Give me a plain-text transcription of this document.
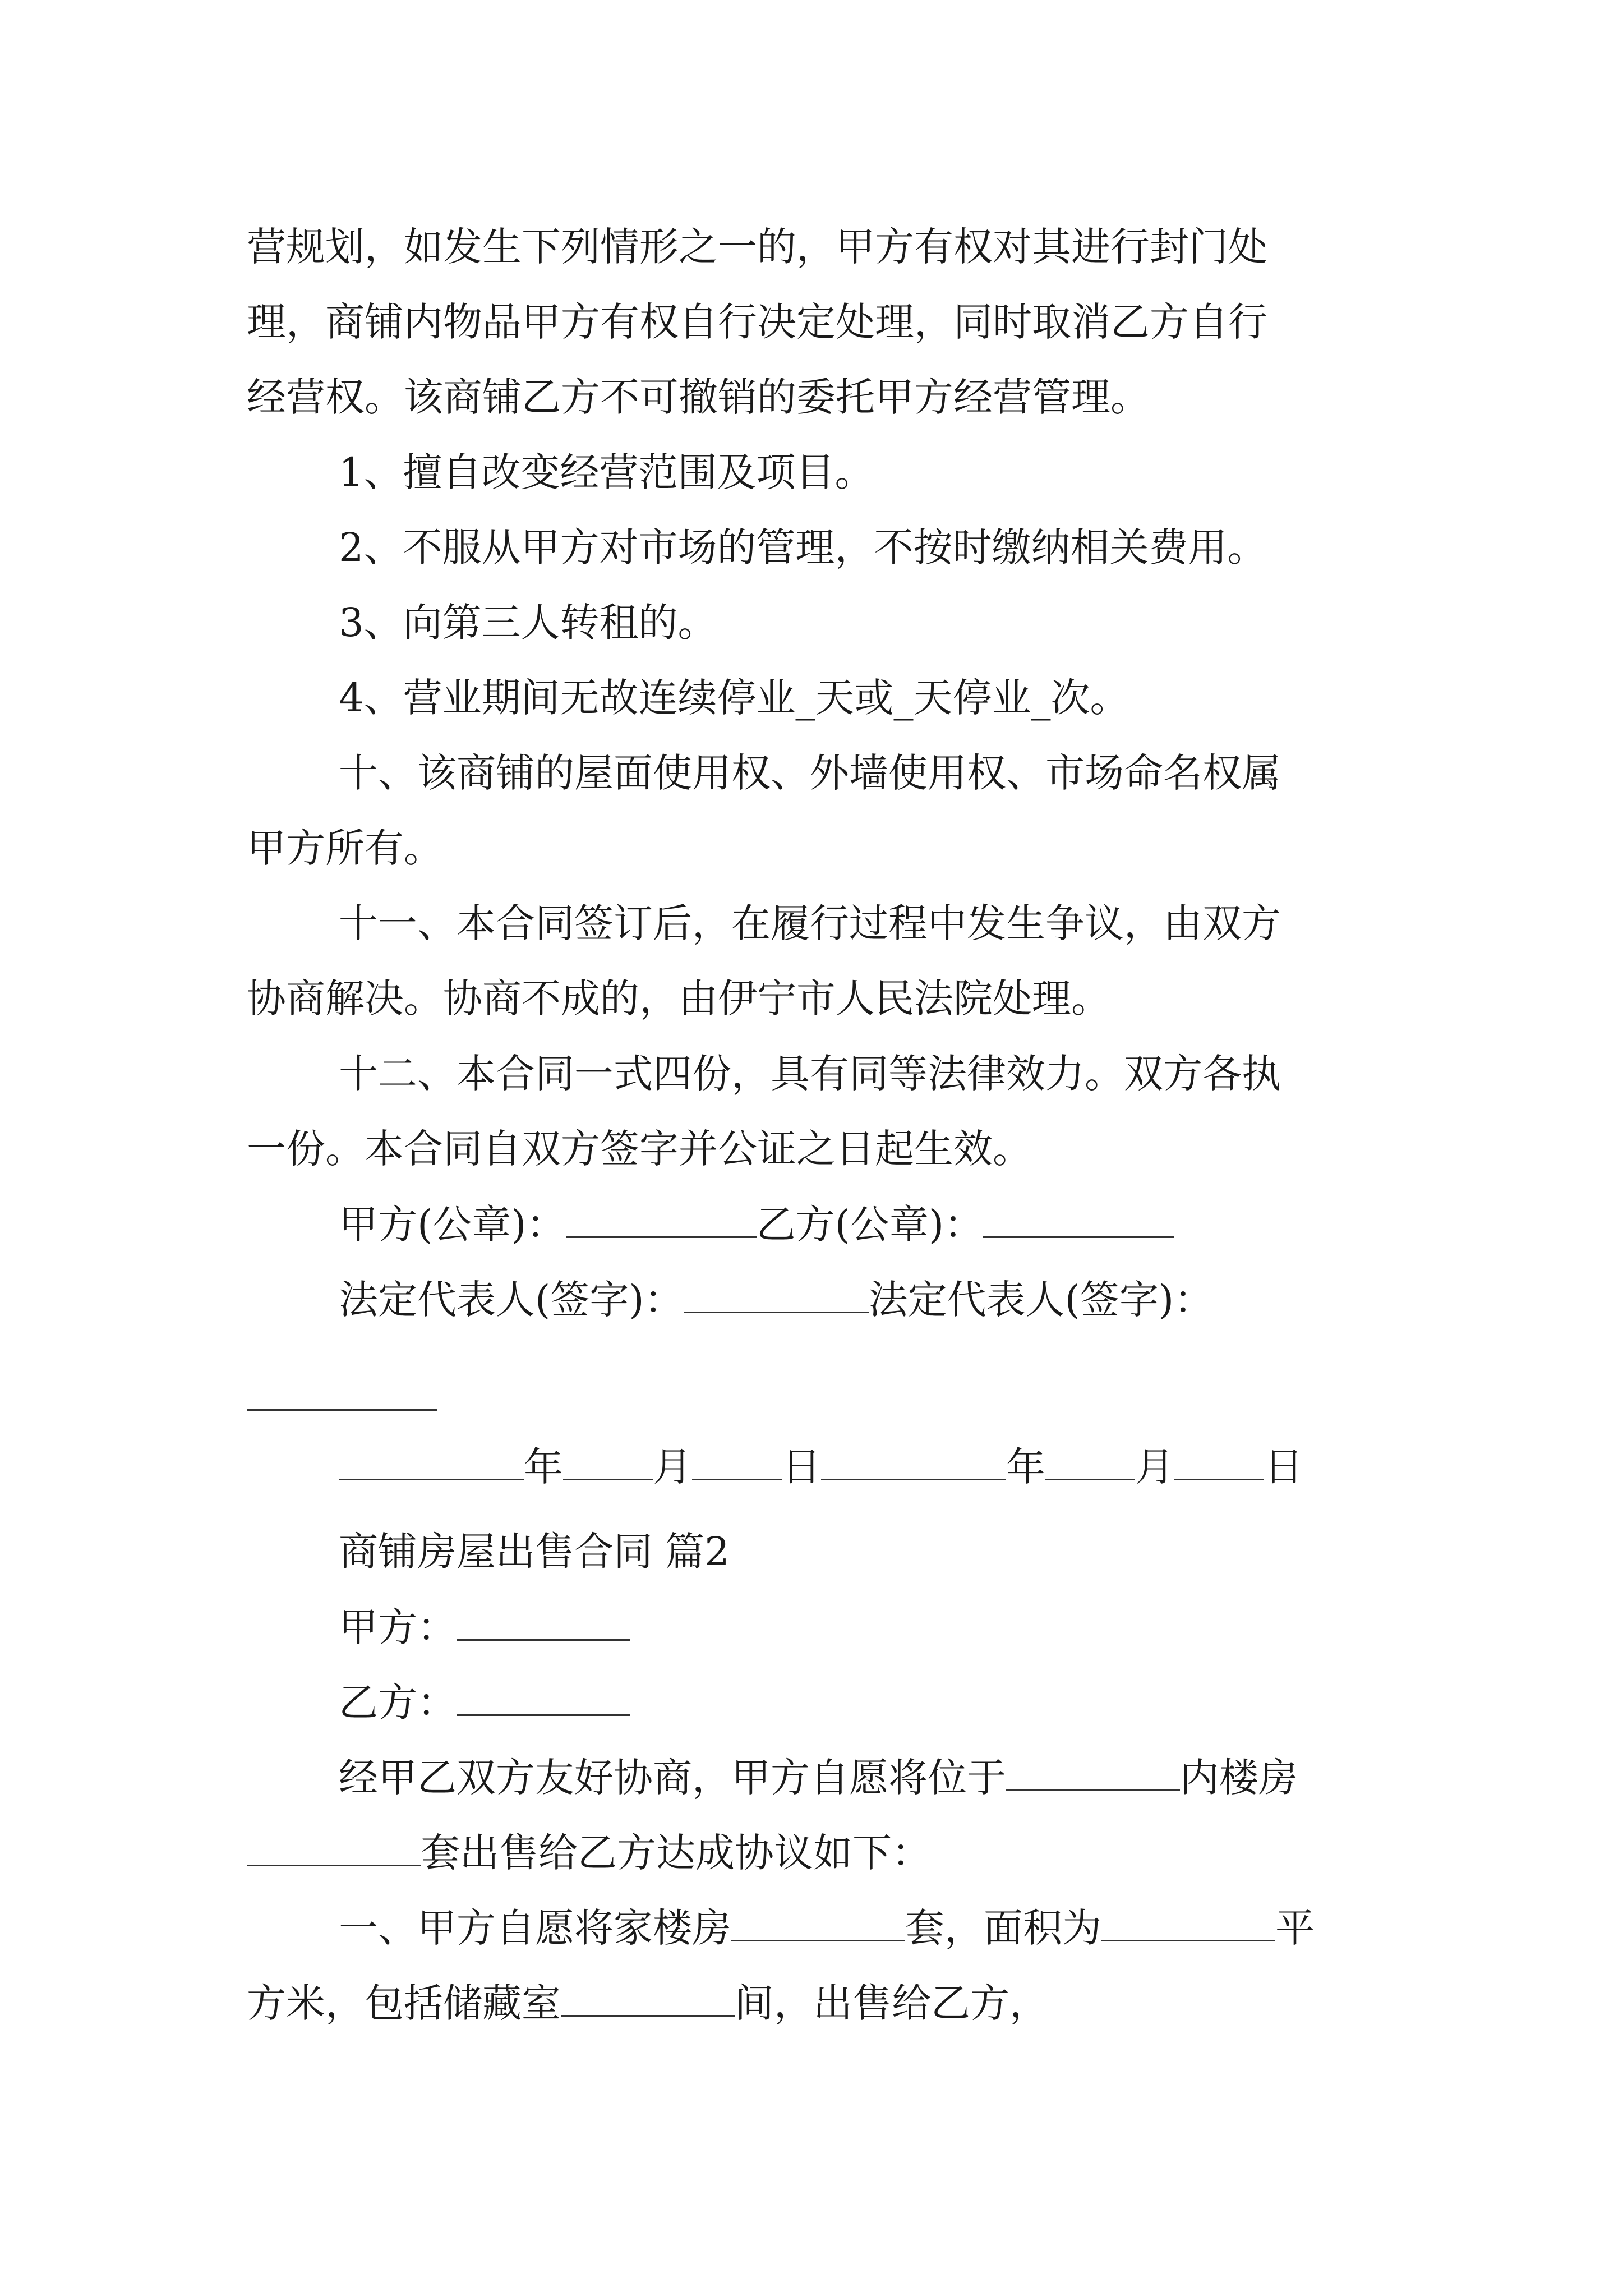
营规划，如发生下列情形之一的，甲方有权对其进行封门处

理，商铺内物品甲方有权自行决定处理，同时取消乙方自行

经营权。该商铺乙方不可撤销的委托甲方经营管理。

1、擅自改变经营范围及项目。

2、不服从甲方对市场的管理，不按时缴纳相关费用。

3、向第三人转租的。

4、营业期间无故连续停业_天或_天停业_次。

十、该商铺的屋面使用权、外墙使用权、市场命名权属

甲方所有。

十一、本合同签订后，在履行过程中发生争议，由双方

协商解决。协商不成的，由伊宁市人民法院处理。

十二、本合同一式四份，具有同等法律效力。双方各执

一份。本合同自双方签字并公证之日起生效。

甲方(公章)：	乙方(公章)：

法定代表人(签字)：	法定代表人(签字)：

年 月 日	年 月 日

商铺房屋出售合同 篇2

甲方：

乙方：

经甲乙双方友好协商，甲方自愿将位于	内楼房

套出售给乙方达成协议如下：

一、甲方自愿将家楼房	套，面积为	平

方米，包括储藏室	间，出售给乙方，
